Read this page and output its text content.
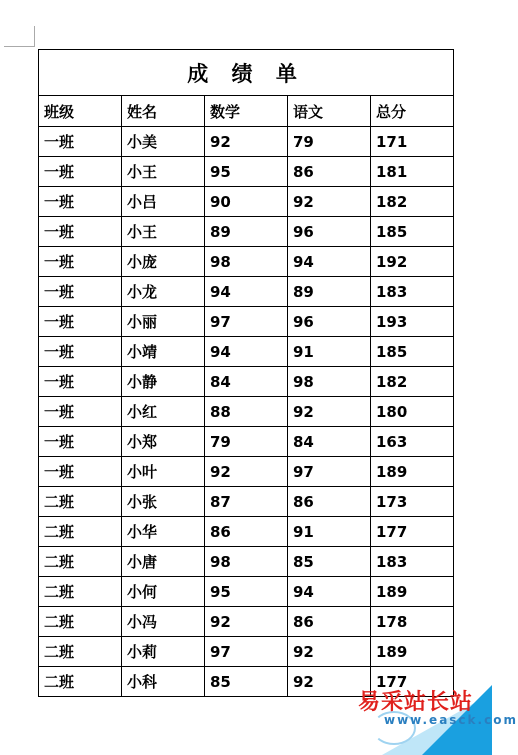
成 绩 单				
班级	姓名	数学	语文	总分
一班	小美	92	79	171
一班	小王	95	86	181
一班	小吕	90	92	182
一班	小王	89	96	185
一班	小庞	98	94	192
一班	小龙	94	89	183
一班	小丽	97	96	193
一班	小靖	94	91	185
一班	小静	84	98	182
一班	小红	88	92	180
一班	小郑	79	84	163
一班	小叶	92	97	189
二班	小张	87	86	173
二班	小华	86	91	177
二班	小唐	98	85	183
二班	小何	95	94	189
二班	小冯	92	86	178
二班	小莉	97	92	189
二班	小科	85	92	177
易采站长站
www.easck.com
